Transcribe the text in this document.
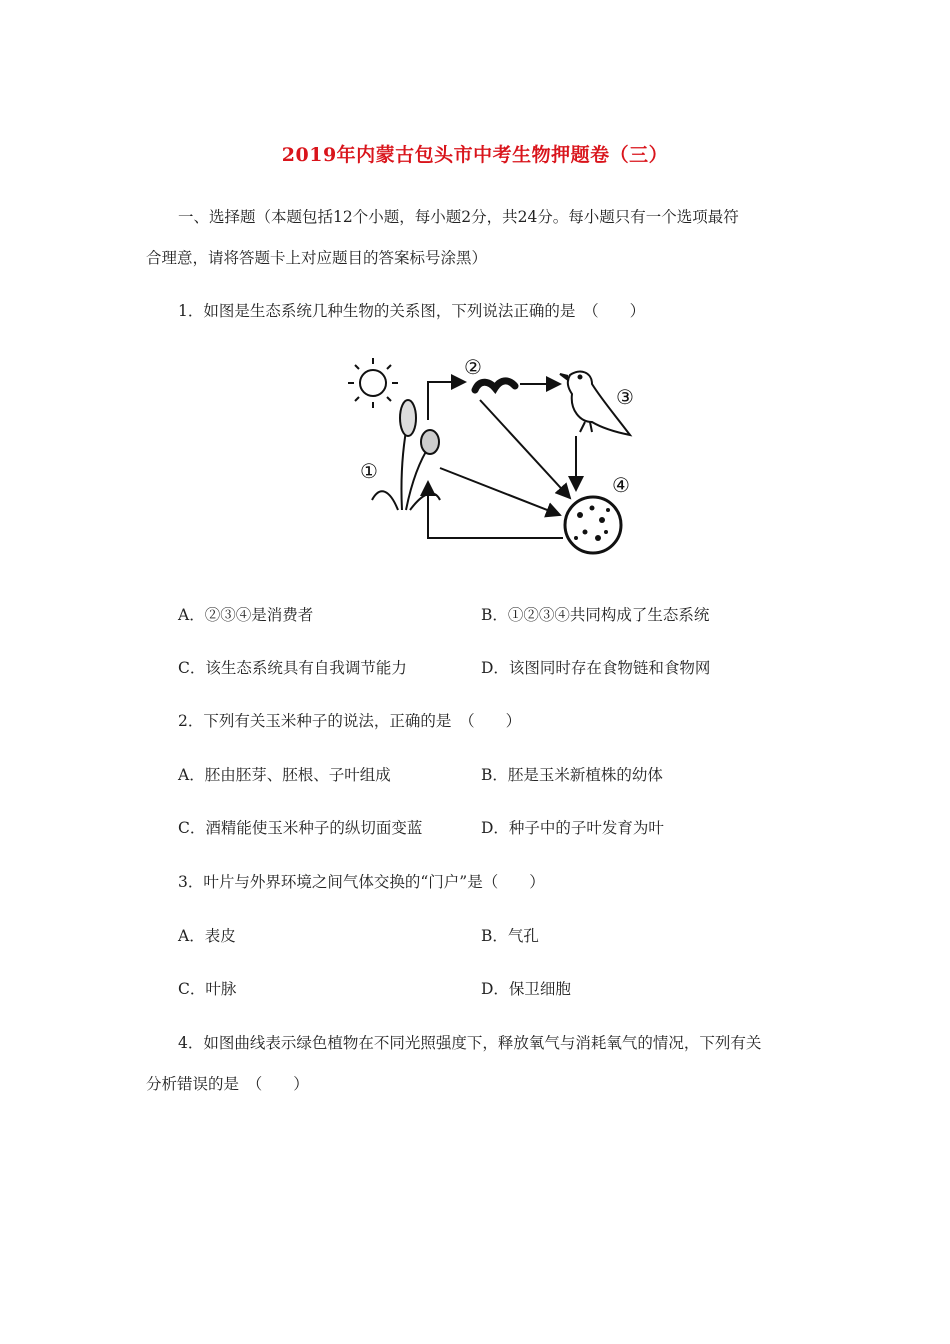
2019年内蒙古包头市中考生物押题卷（三）
一、选择题（本题包括12个小题，每小题2分，共24分。每小题只有一个选项最符
合理意，请将答题卡上对应题目的答案标号涂黑）
1．如图是生态系统几种生物的关系图，下列说法正确的是　（　　）
①
②
③
④
A．②③④是消费者	B．①②③④共同构成了生态系统
C．该生态系统具有自我调节能力	D．该图同时存在食物链和食物网
2．下列有关玉米种子的说法，正确的是　（　　）
A．胚由胚芽、胚根、子叶组成	B．胚是玉米新植株的幼体
C．酒精能使玉米种子的纵切面变蓝	D．种子中的子叶发育为叶
3．叶片与外界环境之间气体交换的“门户”是（　　）
A．表皮	B．气孔
C．叶脉	D．保卫细胞
4．如图曲线表示绿色植物在不同光照强度下，释放氧气与消耗氧气的情况，下列有关
分析错误的是　（　　）
